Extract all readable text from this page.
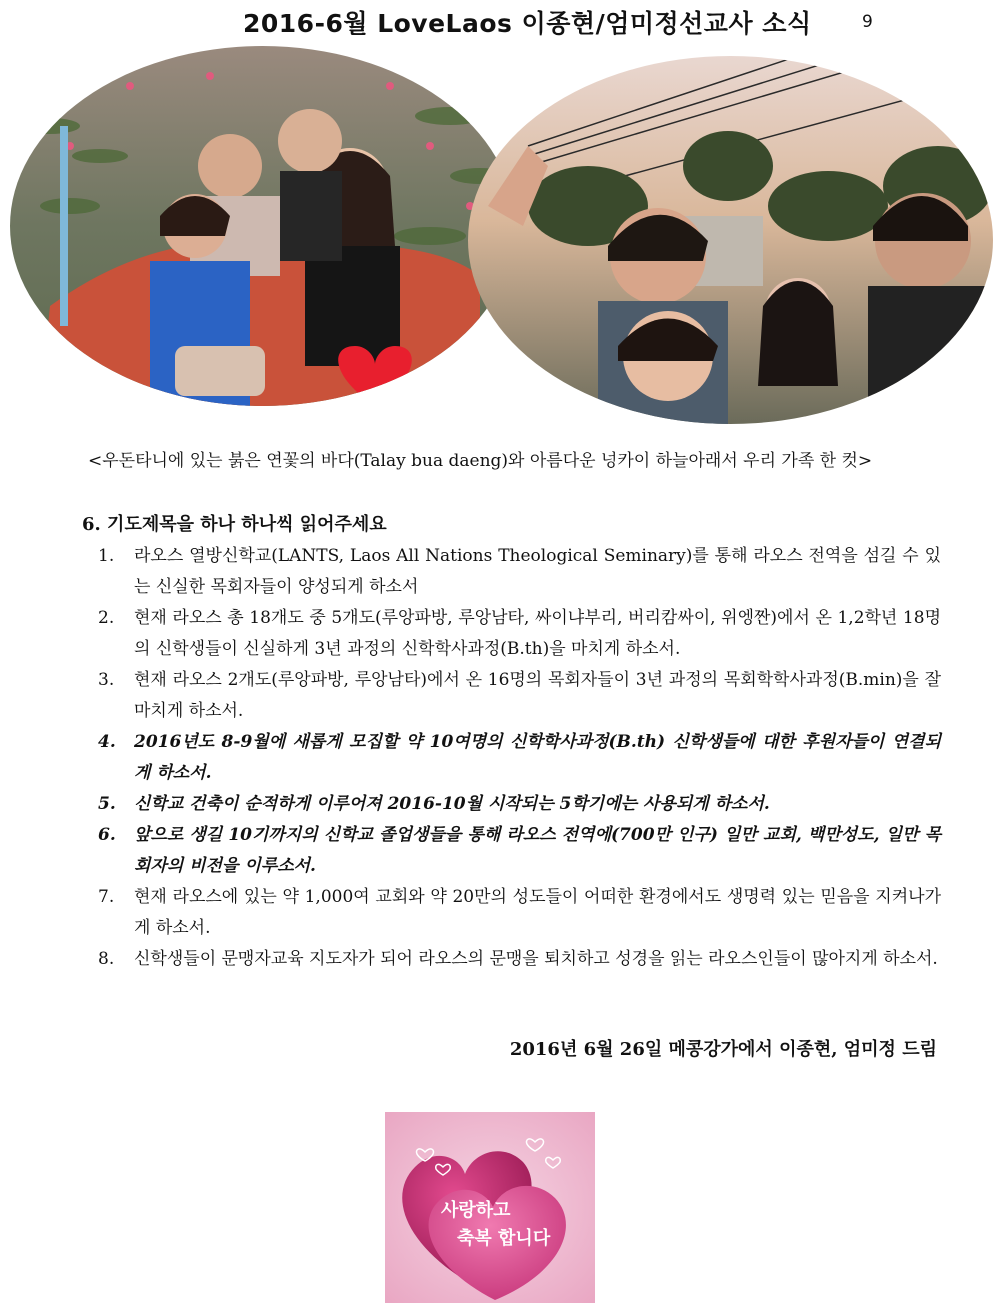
2016-6월 LoveLaos 이종현/엄미정선교사 소식	9
<우돈타니에 있는 붉은 연꽃의 바다(Talay bua daeng)와 아름다운 넝카이 하늘아래서 우리 가족 한 컷>
6. 기도제목을 하나 하나씩 읽어주세요
1. 라오스 열방신학교(LANTS, Laos All Nations Theological Seminary)를 통해 라오스 전역을 섬길 수 있는 신실한 목회자들이 양성되게 하소서
2. 현재 라오스 총 18개도 중 5개도(루앙파방, 루앙남타, 싸이냐부리, 버리캄싸이, 위엥짠)에서 온 1,2학년 18명의 신학생들이 신실하게 3년 과정의 신학학사과정(B.th)을 마치게 하소서.
3. 현재 라오스 2개도(루앙파방, 루앙남타)에서 온 16명의 목회자들이 3년 과정의 목회학학사과정(B.min)을 잘 마치게 하소서.
4. 2016년도 8-9월에 새롭게 모집할 약 10여명의 신학학사과정(B.th) 신학생들에 대한 후원자들이 연결되게 하소서.
5. 신학교 건축이 순적하게 이루어져 2016-10월 시작되는 5학기에는 사용되게 하소서.
6. 앞으로 생길 10기까지의 신학교 졸업생들을 통해 라오스 전역에(700만 인구) 일만 교회, 백만성도, 일만 목회자의 비전을 이루소서.
7. 현재 라오스에 있는 약 1,000여 교회와 약 20만의 성도들이 어떠한 환경에서도 생명력 있는 믿음을 지켜나가게 하소서.
8. 신학생들이 문맹자교육 지도자가 되어 라오스의 문맹을 퇴치하고 성경을 읽는 라오스인들이 많아지게 하소서.
2016년 6월 26일 메콩강가에서 이종현, 엄미정 드림
사랑하고
축복 합니다
